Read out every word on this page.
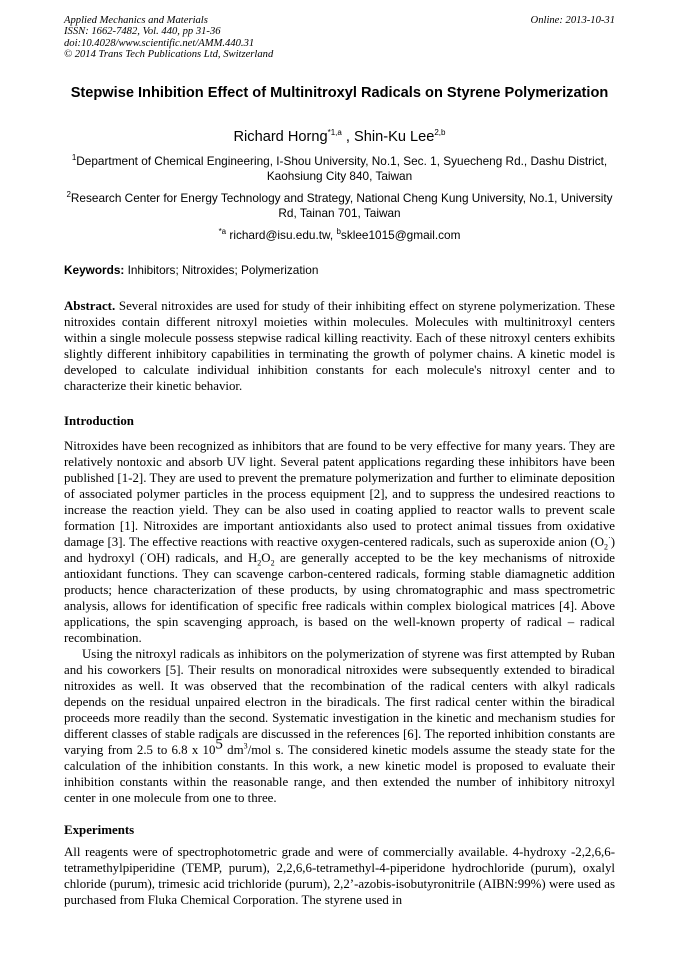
Applied Mechanics and Materials
ISSN: 1662-7482, Vol. 440, pp 31-36
doi:10.4028/www.scientific.net/AMM.440.31
© 2014 Trans Tech Publications Ltd, Switzerland
Online: 2013-10-31
Stepwise Inhibition Effect of Multinitroxyl Radicals on Styrene Polymerization
Richard Horng$^{*1,a}$ , Shin-Ku Lee$^{2,b}$
$^1$Department of Chemical Engineering, I-Shou University, No.1, Sec. 1, Syuecheng Rd., Dashu District, Kaohsiung City 840, Taiwan
$^2$Research Center for Energy Technology and Strategy, National Cheng Kung University, No.1, University Rd, Tainan 701, Taiwan
$^{*a}$ richard@isu.edu.tw, $^b$sklee1015@gmail.com
Keywords: Inhibitors; Nitroxides; Polymerization

Abstract. Several nitroxides are used for study of their inhibiting effect on styrene polymerization. These nitroxides contain different nitroxyl moieties within molecules. Molecules with multinitroxyl centers within a single molecule possess stepwise radical killing reactivity. Each of these nitroxyl centers exhibits slightly different inhibitory capabilities in terminating the growth of polymer chains. A kinetic model is developed to calculate individual inhibition constants for each molecule's nitroxyl center and to characterize their kinetic behavior.

Introduction

Nitroxides have been recognized as inhibitors that are found to be very effective for many years. They are relatively nontoxic and absorb UV light. Several patent applications regarding these inhibitors have been published [1-2]. They are used to prevent the premature polymerization and further to eliminate deposition of associated polymer particles in the process equipment [2], and to suppress the undesired reactions to increase the reaction yield. They can be also used in coating applied to reactor walls to prevent scale formation [1]. Nitroxides are important antioxidants also used to protect animal tissues from oxidative damage [3]. The effective reactions with reactive oxygen-centered radicals, such as superoxide anion $(O_2^\cdot)$ and hydroxyl (·OH) radicals, and $H_2O_2$ are generally accepted to be the key mechanisms of nitroxide antioxidant functions. They can scavenge carbon-centered radicals, forming stable diamagnetic addition products; hence characterization of these products, by using chromatographic and mass spectrometric analysis, allows for identification of specific free radicals within complex biological matrices [4]. Above applications, the spin scavenging approach, is based on the well-known property of radical – radical recombination.

Using the nitroxyl radicals as inhibitors on the polymerization of styrene was first attempted by Ruban and his coworkers [5]. Their results on monoradical nitroxides were subsequently extended to biradical nitroxides as well. It was observed that the recombination of the radical centers with alkyl radicals depends on the residual unpaired electron in the biradicals. The first radical center within the biradical proceeds more readily than the second. Systematic investigation in the kinetic and mechanism studies for different classes of stable radicals are discussed in the references [6]. The reported inhibition constants are varying from 2.5 to 6.8 x $10^5$ $dm^3$/mol s. The considered kinetic models assume the steady state for the calculation of the inhibition constants. In this work, a new kinetic model is proposed to evaluate their inhibition constants within the reasonable range, and then extended the number of inhibitory nitroxyl center in one molecule from one to three.

Experiments

All reagents were of spectrophotometric grade and were of commercially available. 4-hydroxy -2,2,6,6-tetramethylpiperidine (TEMP, purum), 2,2,6,6-tetramethyl-4-piperidone hydrochloride (purum), oxalyl chloride (purum), trimesic acid trichloride (purum), 2,2’-azobis-isobutyronitrile (AIBN:99%) were used as purchased from Fluka Chemical Corporation. The styrene used in
